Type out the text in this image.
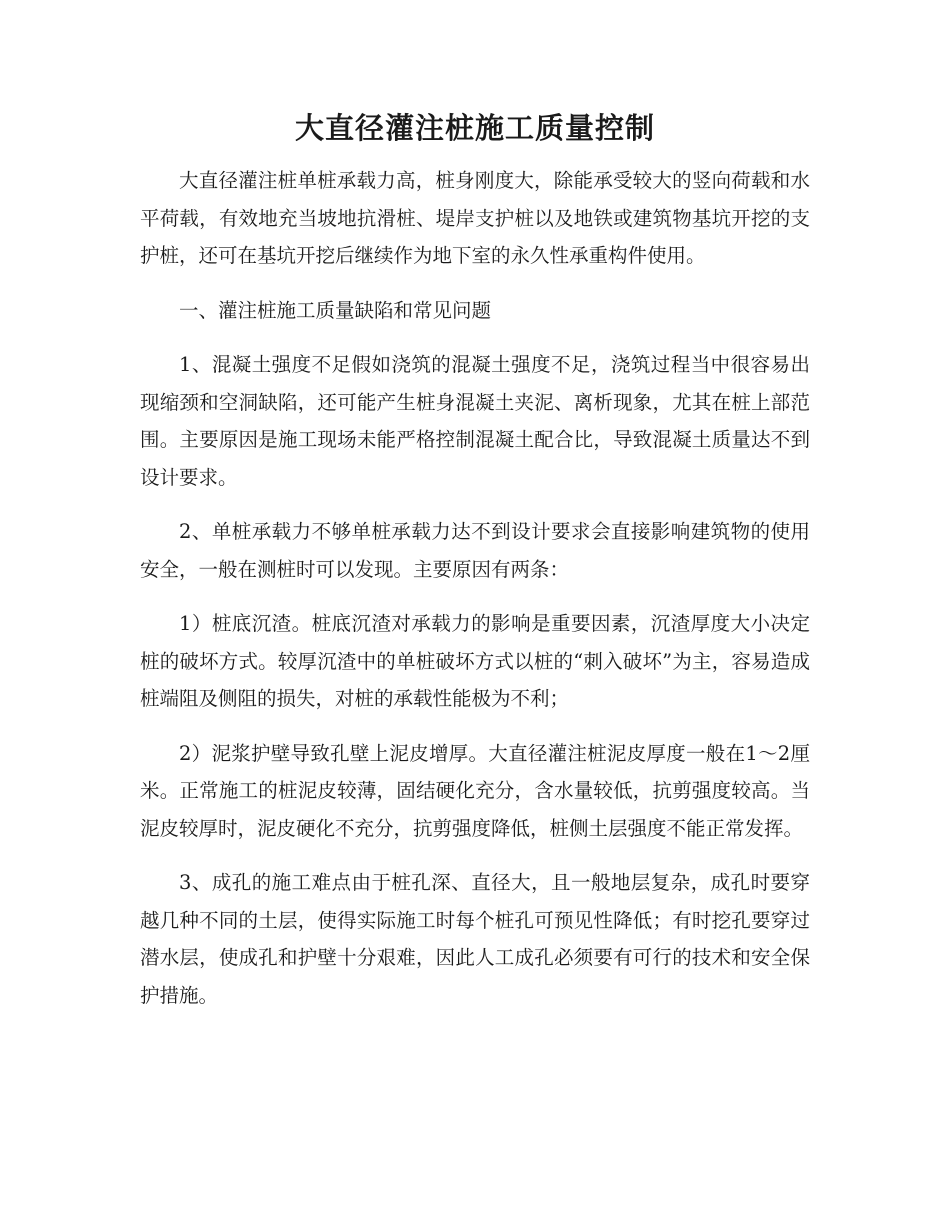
大直径灌注桩施工质量控制

大直径灌注桩单桩承载力高，桩身刚度大，除能承受较大的竖向荷载和水平荷载，有效地充当坡地抗滑桩、堤岸支护桩以及地铁或建筑物基坑开挖的支护桩，还可在基坑开挖后继续作为地下室的永久性承重构件使用。

一、灌注桩施工质量缺陷和常见问题

1、混凝土强度不足假如浇筑的混凝土强度不足，浇筑过程当中很容易出现缩颈和空洞缺陷，还可能产生桩身混凝土夹泥、离析现象，尤其在桩上部范围。主要原因是施工现场未能严格控制混凝土配合比，导致混凝土质量达不到设计要求。

2、单桩承载力不够单桩承载力达不到设计要求会直接影响建筑物的使用安全，一般在测桩时可以发现。主要原因有两条：

1）桩底沉渣。桩底沉渣对承载力的影响是重要因素，沉渣厚度大小决定桩的破坏方式。较厚沉渣中的单桩破坏方式以桩的“刺入破坏”为主，容易造成桩端阻及侧阻的损失，对桩的承载性能极为不利；

2）泥浆护壁导致孔壁上泥皮增厚。大直径灌注桩泥皮厚度一般在1～2厘米。正常施工的桩泥皮较薄，固结硬化充分，含水量较低，抗剪强度较高。当泥皮较厚时，泥皮硬化不充分，抗剪强度降低，桩侧土层强度不能正常发挥。

3、成孔的施工难点由于桩孔深、直径大，且一般地层复杂，成孔时要穿越几种不同的土层，使得实际施工时每个桩孔可预见性降低；有时挖孔要穿过潜水层，使成孔和护壁十分艰难，因此人工成孔必须要有可行的技术和安全保护措施。
